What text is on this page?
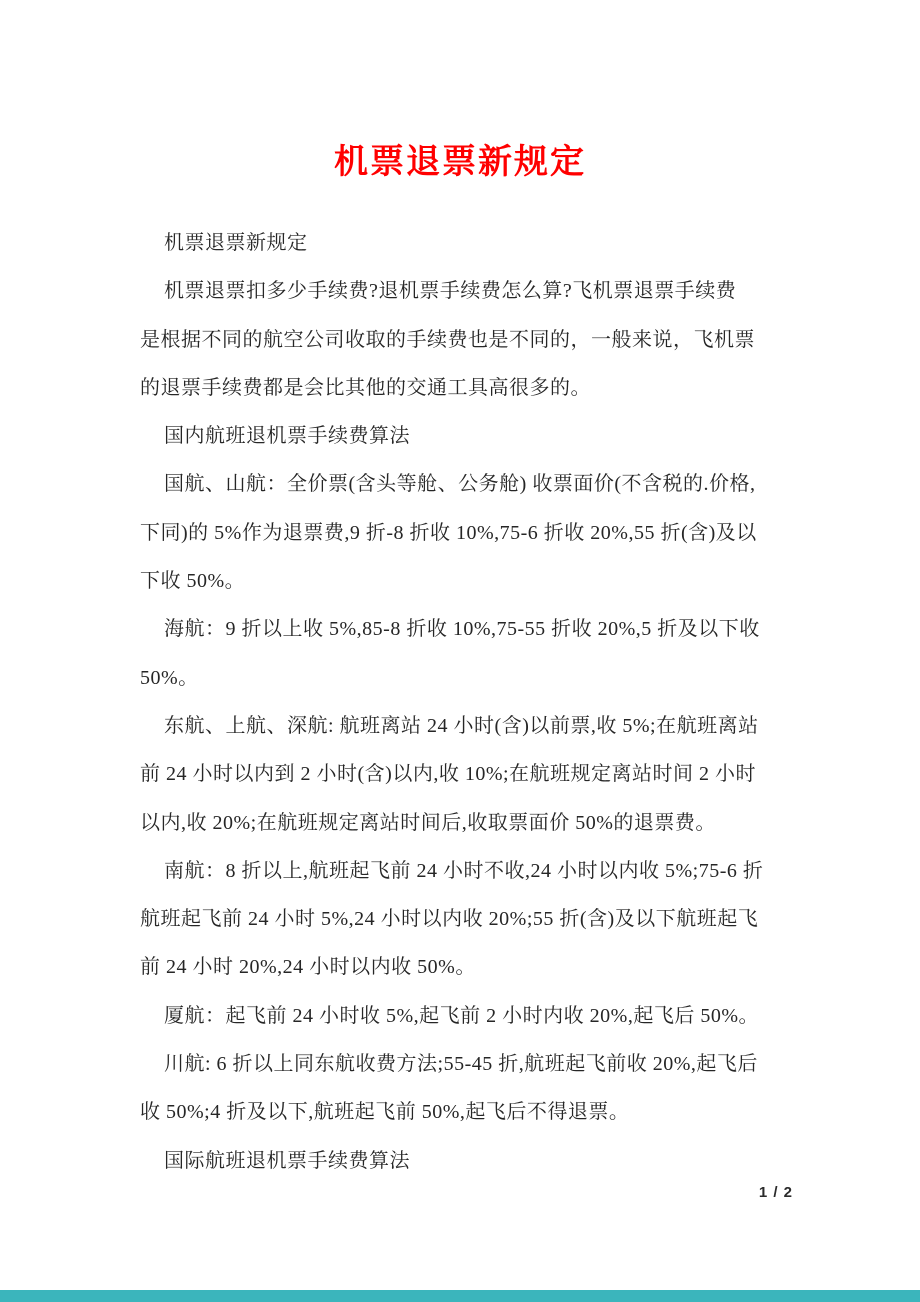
机票退票新规定
机票退票新规定
机票退票扣多少手续费?退机票手续费怎么算?飞机票退票手续费
是根据不同的航空公司收取的手续费也是不同的，一般来说，飞机票
的退票手续费都是会比其他的交通工具高很多的。
国内航班退机票手续费算法
国航、山航：全价票(含头等舱、公务舱) 收票面价(不含税的.价格,
下同)的 5%作为退票费,9 折-8 折收 10%,75-6 折收 20%,55 折(含)及以
下收 50%。
海航：9 折以上收 5%,85-8 折收 10%,75-55 折收 20%,5 折及以下收
50%。
东航、上航、深航: 航班离站 24 小时(含)以前票,收 5%;在航班离站
前 24 小时以内到 2 小时(含)以内,收 10%;在航班规定离站时间 2 小时
以内,收 20%;在航班规定离站时间后,收取票面价 50%的退票费。
南航：8 折以上,航班起飞前 24 小时不收,24 小时以内收 5%;75-6 折
航班起飞前 24 小时 5%,24 小时以内收 20%;55 折(含)及以下航班起飞
前 24 小时 20%,24 小时以内收 50%。
厦航：起飞前 24 小时收 5%,起飞前 2 小时内收 20%,起飞后 50%。
川航: 6 折以上同东航收费方法;55-45 折,航班起飞前收 20%,起飞后
收 50%;4 折及以下,航班起飞前 50%,起飞后不得退票。
国际航班退机票手续费算法
1 / 2
